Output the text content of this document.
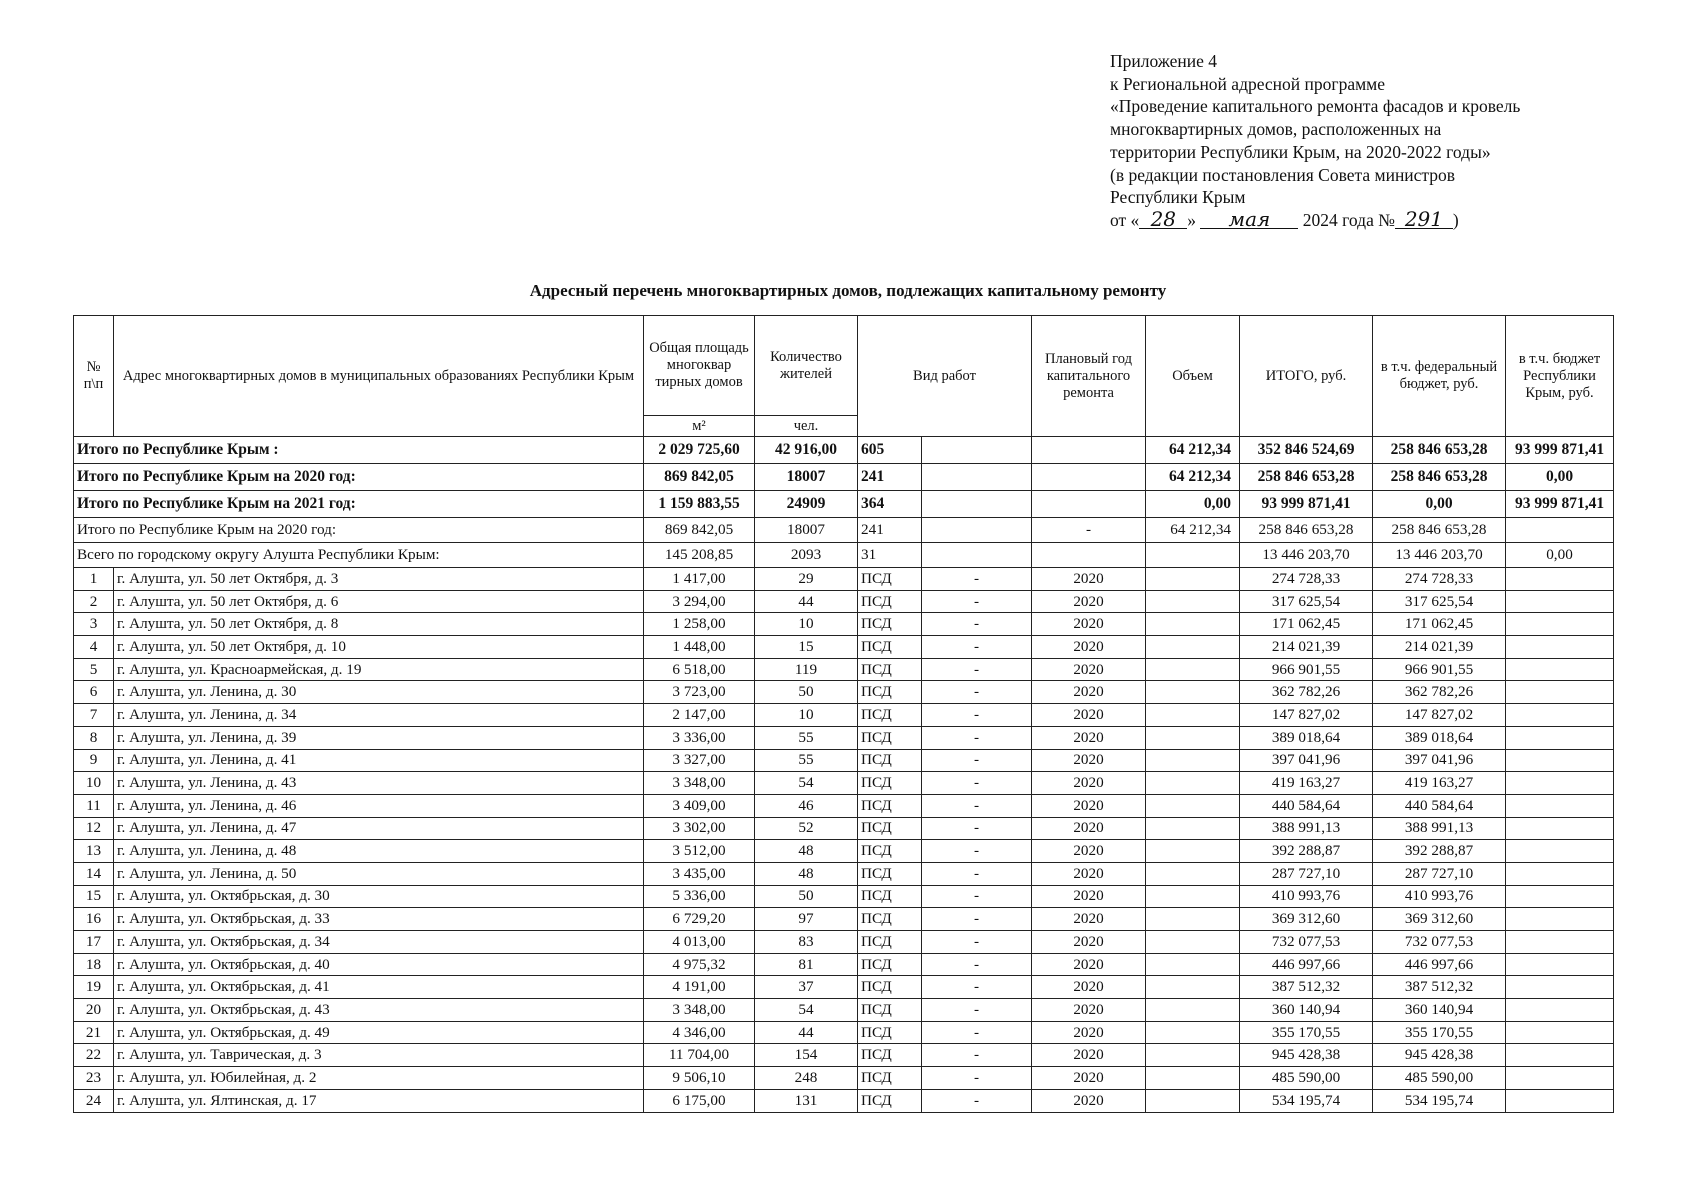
Приложение 4
к Региональной адресной программе
«Проведение капитального ремонта фасадов и кровель
многоквартирных домов, расположенных на
территории Республики Крым, на 2020-2022 годы»
(в редакции постановления Совета министров
Республики Крым
от « 28 » мая 2024 года № 291 )
Адресный перечень многоквартирных домов, подлежащих капитальному ремонту
№ п\п	Адрес многоквартирных домов в муниципальных образованиях Республики Крым	Общая площадь многоквар тирных домов	Количество жителей	Вид работ		Плановый год капитального ремонта	Объем	ИТОГО, руб.	в т.ч. федеральный бюджет, руб.	в т.ч. бюджет Республики Крым, руб.
		м²	чел.							
Итого по Республике Крым :		2 029 725,60	42 916,00	605			64 212,34	352 846 524,69	258 846 653,28	93 999 871,41
Итого по Республике Крым на 2020 год:		869 842,05	18007	241			64 212,34	258 846 653,28	258 846 653,28	0,00
Итого по Республике Крым на 2021 год:		1 159 883,55	24909	364			0,00	93 999 871,41	0,00	93 999 871,41
Итого по Республике Крым на 2020 год:		869 842,05	18007	241		-	64 212,34	258 846 653,28	258 846 653,28	
Всего по городскому округу Алушта Республики Крым:		145 208,85	2093	31				13 446 203,70	13 446 203,70	0,00
1	г. Алушта, ул. 50 лет Октября, д. 3	1 417,00	29	ПСД	-	2020		274 728,33	274 728,33	
2	г. Алушта, ул. 50 лет Октября, д. 6	3 294,00	44	ПСД	-	2020		317 625,54	317 625,54	
3	г. Алушта, ул. 50 лет Октября, д. 8	1 258,00	10	ПСД	-	2020		171 062,45	171 062,45	
4	г. Алушта, ул. 50 лет Октября, д. 10	1 448,00	15	ПСД	-	2020		214 021,39	214 021,39	
5	г. Алушта, ул. Красноармейская, д. 19	6 518,00	119	ПСД	-	2020		966 901,55	966 901,55	
6	г. Алушта, ул. Ленина, д. 30	3 723,00	50	ПСД	-	2020		362 782,26	362 782,26	
7	г. Алушта, ул. Ленина, д. 34	2 147,00	10	ПСД	-	2020		147 827,02	147 827,02	
8	г. Алушта, ул. Ленина, д. 39	3 336,00	55	ПСД	-	2020		389 018,64	389 018,64	
9	г. Алушта, ул. Ленина, д. 41	3 327,00	55	ПСД	-	2020		397 041,96	397 041,96	
10	г. Алушта, ул. Ленина, д. 43	3 348,00	54	ПСД	-	2020		419 163,27	419 163,27	
11	г. Алушта, ул. Ленина, д. 46	3 409,00	46	ПСД	-	2020		440 584,64	440 584,64	
12	г. Алушта, ул. Ленина, д. 47	3 302,00	52	ПСД	-	2020		388 991,13	388 991,13	
13	г. Алушта, ул. Ленина, д. 48	3 512,00	48	ПСД	-	2020		392 288,87	392 288,87	
14	г. Алушта, ул. Ленина, д. 50	3 435,00	48	ПСД	-	2020		287 727,10	287 727,10	
15	г. Алушта, ул. Октябрьская, д. 30	5 336,00	50	ПСД	-	2020		410 993,76	410 993,76	
16	г. Алушта, ул. Октябрьская, д. 33	6 729,20	97	ПСД	-	2020		369 312,60	369 312,60	
17	г. Алушта, ул. Октябрьская, д. 34	4 013,00	83	ПСД	-	2020		732 077,53	732 077,53	
18	г. Алушта, ул. Октябрьская, д. 40	4 975,32	81	ПСД	-	2020		446 997,66	446 997,66	
19	г. Алушта, ул. Октябрьская, д. 41	4 191,00	37	ПСД	-	2020		387 512,32	387 512,32	
20	г. Алушта, ул. Октябрьская, д. 43	3 348,00	54	ПСД	-	2020		360 140,94	360 140,94	
21	г. Алушта, ул. Октябрьская, д. 49	4 346,00	44	ПСД	-	2020		355 170,55	355 170,55	
22	г. Алушта, ул. Таврическая, д. 3	11 704,00	154	ПСД	-	2020		945 428,38	945 428,38	
23	г. Алушта, ул. Юбилейная, д. 2	9 506,10	248	ПСД	-	2020		485 590,00	485 590,00	
24	г. Алушта, ул. Ялтинская, д. 17	6 175,00	131	ПСД	-	2020		534 195,74	534 195,74	
